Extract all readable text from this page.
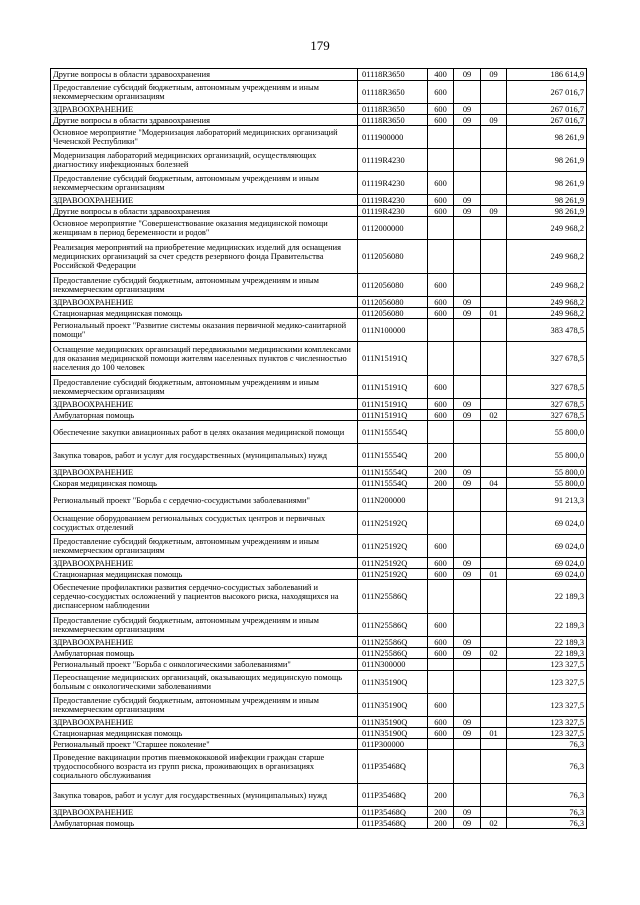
179
Другие вопросы в области здравоохранения	01118R3650	400	09	09	186 614,9
Предоставление субсидий бюджетным, автономным учреждениям и иным некоммерческим организациям	01118R3650	600			267 016,7
ЗДРАВООХРАНЕНИЕ	01118R3650	600	09		267 016,7
Другие вопросы в области здравоохранения	01118R3650	600	09	09	267 016,7
Основное мероприятие "Модернизация лабораторий медицинских организаций Чеченской Республики"	0111900000				98 261,9
Модернизация лабораторий медицинских организаций, осуществляющих диагностику инфекционных болезней	01119R4230				98 261,9
Предоставление субсидий бюджетным, автономным учреждениям и иным некоммерческим организациям	01119R4230	600			98 261,9
ЗДРАВООХРАНЕНИЕ	01119R4230	600	09		98 261,9
Другие вопросы в области здравоохранения	01119R4230	600	09	09	98 261,9
Основное мероприятие "Совершенствование оказания медицинской помощи женщинам в период беременности и родов"	0112000000				249 968,2
Реализация мероприятий на приобретение медицинских изделий для оснащения медицинских организаций за счет средств резервного фонда Правительства Российской Федерации	0112056080				249 968,2
Предоставление субсидий бюджетным, автономным учреждениям и иным некоммерческим организациям	0112056080	600			249 968,2
ЗДРАВООХРАНЕНИЕ	0112056080	600	09		249 968,2
Стационарная медицинская помощь	0112056080	600	09	01	249 968,2
Региональный проект "Развитие системы оказания первичной медико-санитарной помощи"	011N100000				383 478,5
Оснащение медицинских организаций передвижными медицинскими комплексами для оказания медицинской помощи жителям населенных пунктов с численностью населения до 100 человек	011N15191Q				327 678,5
Предоставление субсидий бюджетным, автономным учреждениям и иным некоммерческим организациям	011N15191Q	600			327 678,5
ЗДРАВООХРАНЕНИЕ	011N15191Q	600	09		327 678,5
Амбулаторная помощь	011N15191Q	600	09	02	327 678,5
Обеспечение закупки авиационных работ в целях оказания медицинской помощи	011N15554Q				55 800,0
Закупка товаров, работ и услуг для государственных (муниципальных) нужд	011N15554Q	200			55 800,0
ЗДРАВООХРАНЕНИЕ	011N15554Q	200	09		55 800,0
Скорая медицинская помощь	011N15554Q	200	09	04	55 800,0
Региональный проект "Борьба с сердечно-сосудистыми заболеваниями"	011N200000				91 213,3
Оснащение оборудованием региональных сосудистых центров и первичных сосудистых отделений	011N25192Q				69 024,0
Предоставление субсидий бюджетным, автономным учреждениям и иным некоммерческим организациям	011N25192Q	600			69 024,0
ЗДРАВООХРАНЕНИЕ	011N25192Q	600	09		69 024,0
Стационарная медицинская помощь	011N25192Q	600	09	01	69 024,0
Обеспечение профилактики развития сердечно-сосудистых заболеваний и сердечно-сосудистых осложнений у пациентов высокого риска, находящихся на диспансерном наблюдении	011N25586Q				22 189,3
Предоставление субсидий бюджетным, автономным учреждениям и иным некоммерческим организациям	011N25586Q	600			22 189,3
ЗДРАВООХРАНЕНИЕ	011N25586Q	600	09		22 189,3
Амбулаторная помощь	011N25586Q	600	09	02	22 189,3
Региональный проект "Борьба с онкологическими заболеваниями"	011N300000				123 327,5
Переоснащение медицинских организаций, оказывающих медицинскую помощь больным с онкологическими заболеваниями	011N35190Q				123 327,5
Предоставление субсидий бюджетным, автономным учреждениям и иным некоммерческим организациям	011N35190Q	600			123 327,5
ЗДРАВООХРАНЕНИЕ	011N35190Q	600	09		123 327,5
Стационарная медицинская помощь	011N35190Q	600	09	01	123 327,5
Региональный проект "Старшее поколение"	011P300000				76,3
Проведение вакцинации против пневмококковой инфекции граждан старше трудоспособного возраста из групп риска, проживающих в организациях социального обслуживания	011P35468Q				76,3
Закупка товаров, работ и услуг для государственных (муниципальных) нужд	011P35468Q	200			76,3
ЗДРАВООХРАНЕНИЕ	011P35468Q	200	09		76,3
Амбулаторная помощь	011P35468Q	200	09	02	76,3
